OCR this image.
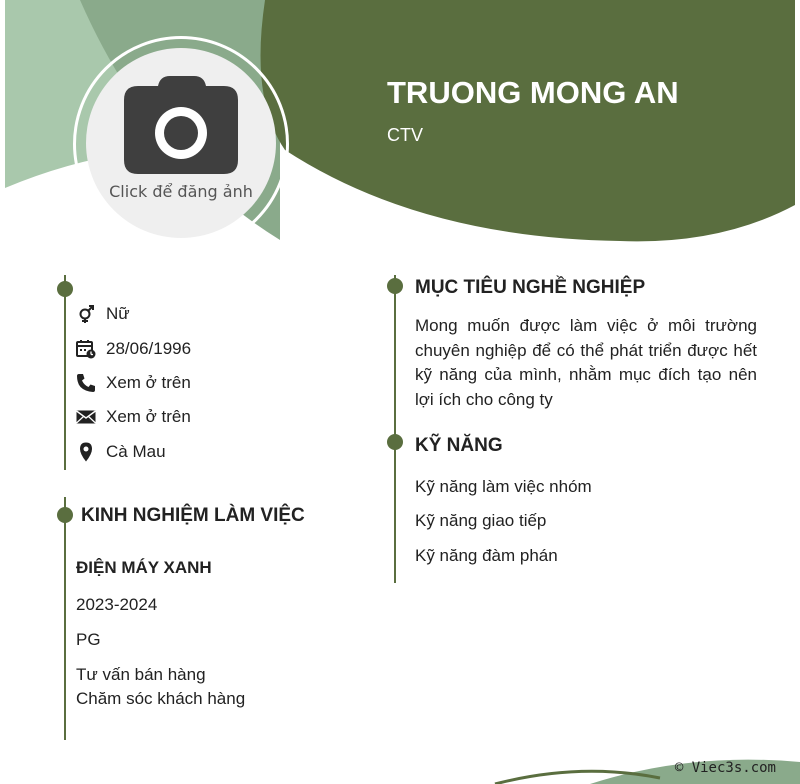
Click để đăng ảnh
TRUONG MONG AN
CTV
Nữ
28/06/1996
Xem ở trên
Xem ở trên
Cà Mau
KINH NGHIỆM LÀM VIỆC
ĐIỆN MÁY XANH
2023-2024
PG
Tư vấn bán hàng
Chăm sóc khách hàng
MỤC TIÊU NGHỀ NGHIỆP
Mong muốn được làm việc ở môi trường chuyên nghiệp để có thể phát triển được hết kỹ năng của mình, nhằm mục đích tạo nên lợi ích cho công ty
KỸ NĂNG
Kỹ năng làm việc nhóm
Kỹ năng giao tiếp
Kỹ năng đàm phán
© Viec3s.com
